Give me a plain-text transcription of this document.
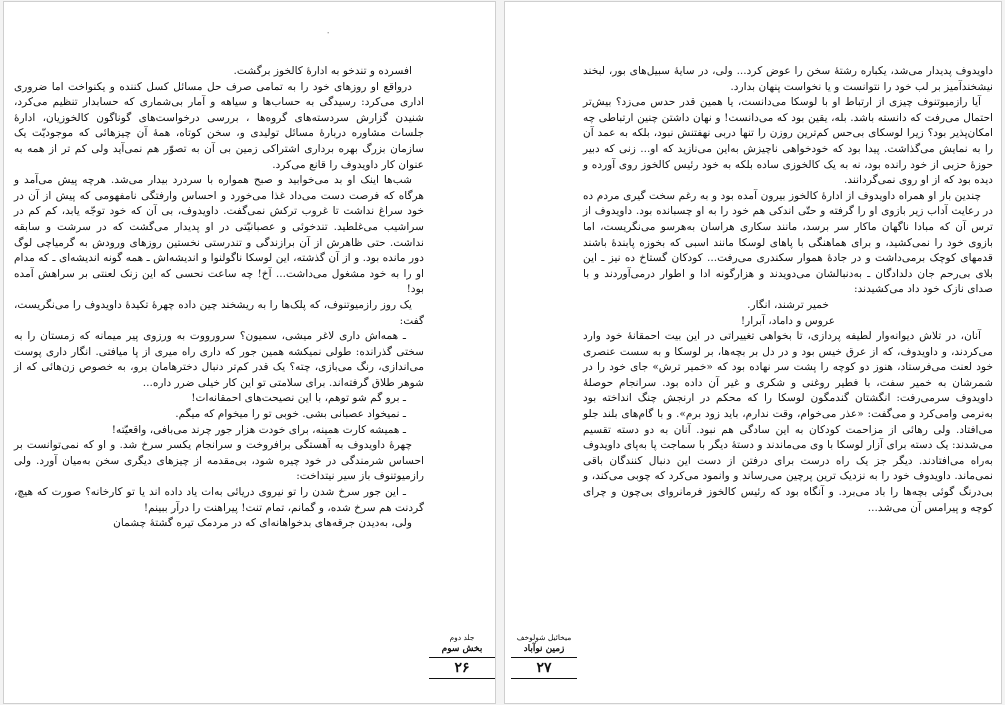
۰

افسرده و تندخو به ادارهٔ کالخوز برگشت.

درواقع او روزهای خود را به تمامی صرف حل مسائل کسل کننده و یکنواخت اما ضروری اداری می‌کرد: رسیدگی به حساب‌ها و سیاهه و آمار بی‌شماری که حسابدار تنظیم می‌کرد، شنیدن گزارش سردسته‌های گروه‌ها ، بررسی درخواست‌های گوناگون کالخوزیان، ادارهٔ جلسات مشاوره دربارهٔ مسائل تولیدی و، سخن کوتاه، همهٔ آن چیزهائی که موجودیّت یک سازمان بزرگ بهره برداری اشتراکی زمین بی آن به تصوّر هم نمی‌آید ولی کم تر از همه به عنوان کار داویدوف را قانع می‌کرد.

شب‌ها اینک او بد می‌خوابید و صبح همواره با سردرد بیدار می‌شد. هرچه پیش می‌آمد و هرگاه که فرصت دست می‌داد غذا می‌خورد و احساس وارفتگی نامفهومی که پیش از آن در خود سراغ نداشت تا غروب ترکش نمی‌گفت. داویدوف، بی آن که خود توجّه یابد، کم کم در سراشیب می‌غلطید. تندخوئی و عصبانیّتی در او پدیدار می‌گشت که در سرشت و سابقه نداشت. حتی ظاهرش از آن برازندگی و تندرستی نخستین روزهای ورودش به گرمیاچی لوگ دور مانده بود. و از آن گذشته، این لوسکا ناگولنوا و اندیشه‌اش ـ همه گونه اندیشه‌ای ـ که مدام او را به خود مشغول می‌داشت... آخ! چه ساعت نحسی که این زنک لعنتی بر سراهش آمده بود!

یک روز رازمیوتنوف، که پلک‌ها را به ریشخند چین داده چهرهٔ تکیدهٔ داویدوف را می‌نگریست، گفت:

ـ همه‌اش داری لاغر میشی، سمیون؟ سرورووت به ورزوی پیر میمانه که زمستان را به سختی گذرانده: طولی نمیکشه همین جور که داری راه میری از پا میافتی. انگار داری پوست می‌اندازی، رنگ می‌بازی، چته؟ یک قدر کم‌تر دنبال دخترهامان برو، به خصوص زن‌هائی که از شوهر طلاق گرفته‌اند. برای سلامتی تو این کار خیلی ضرر داره...

ـ برو گم شو توهم، با این نصیحت‌های احمقانه‌ات!

ـ نمیخواد عصبانی بشی. خوبی تو را میخوام که میگم.

ـ همیشه کارت همینه، برای خودت هزار جور چرند می‌بافی، واقعیّته!

چهرهٔ داویدوف به آهستگی برافروخت و سرانجام یکسر سرخ شد. و او که نمی‌توانست بر احساس شرمندگی در خود چیره شود، بی‌مقدمه از چیزهای دیگری سخن به‌میان آورد. ولی رازمیوتنوف باز سیر نیتداخت:

ـ این جور سرخ شدن را تو نیروی دریائی به‌ات یاد داده اند یا تو کارخانه؟ صورت که هیچ، گردنت هم سرخ شده، و گمانم، تمام تنت! پیراهنت را درآر ببینم!

ولی، به‌دیدن جرقه‌های بدخواهانه‌ای که در مردمک تیره گشتهٔ چشمان

جلد دوم
بخش سوم
۲۶

داویدوف پدیدار می‌شد، یکباره رشتهٔ سخن را عوض کرد... ولی، در سایهٔ سبیل‌های بور، لبخند نیشخندآمیز بر لب خود را نتوانست و یا نخواست پنهان بدارد.

آیا رازمیوتنوف چیزی از ارتباط او با لوسکا می‌دانست، یا همین قدر حدس می‌زد؟ بیش‌تر احتمال می‌رفت که دانسته باشد. بله، یقین بود که می‌دانست! و نهان داشتن چنین ارتباطی چه امکان‌پذیر بود؟ زیرا لوسکای بی‌حس کم‌ترین روزن را تنها دربی نهفتنش نبود، بلکه به عمد آن را به نمایش می‌گذاشت. پیدا بود که خودخواهی ناچیزش به‌این می‌نازید که او... زنی که دبیر حوزهٔ حزبی از خود رانده بود، نه به یک کالخوزی ساده بلکه به خود رئیس کالخوز روی آورده و دیده بود که از او روی نمی‌گردانند.

چندین بار او همراه داویدوف از ادارهٔ کالخوز بیرون آمده بود و به رغم سخت گیری مردم ده در رعایت آداب زیر بازوی او را گرفته و حتّی اندکی هم خود را به او چسبانده بود. داویدوف از ترس آن که مبادا ناگهان ماکار سر برسد، مانند سکاری هراسان به‌هرسو می‌نگریست، اما بازوی خود را نمی‌کشید، و برای هماهنگی با پاهای لوسکا مانند اسبی که بخوزه پابندهٔ باشند قدمهای کوچک برمی‌داشت و در جادهٔ هموار سکندری می‌رفت... کودکان گستاخ ده نیز ـ این بلای بی‌رحم جان دلدادگان ـ به‌دنبالشان می‌دویدند و هزارگونه ادا و اطوار درمی‌آوردند و با صدای نازک خود داد می‌کشیدند:

خمیر ترشند، انگار.

عروس و داماد، آبرار!

آنان، در تلاش دیوانه‌وار لطیفه پردازی، تا بخواهی تغییراتی در این بیت احمقانهٔ خود وارد می‌کردند، و داویدوف، که از عرق خیس بود و در دل بر بچه‌ها، بر لوسکا و به سست عنصری خود لعنت می‌فرستاد، هنوز دو کوچه را پشت سر نهاده بود که «خمیر ترش» جای خود را در شمرشان به خمیر سفت، با فطیر روغنی و شکری و غیر آن داده بود. سرانجام حوصلهٔ داویدوف سرمی‌رفت: انگشتان گندمگون لوسکا را که محکم در ارنجش چنگ انداخته بود به‌نرمی وامی‌کرد و می‌گفت: «عذر می‌خوام، وقت ندارم، باید زود برم». و با گام‌های بلند جلو می‌افتاد. ولی رهائی از مزاحمت کودکان به این سادگی هم نبود. آنان به دو دسته تقسیم می‌شدند: یک دسته برای آزار لوسکا با وی می‌ماندند و دستهٔ دیگر با سماجت پا به‌پای داویدوف به‌راه می‌افتادند. دیگر جز یک راه درست برای درفتن از دست این دنبال کنندگان باقی نمی‌ماند. داویدوف خود را به نزدیک ترین پرچین می‌رساند و وانمود می‌کرد که چوبی می‌کند، و بی‌درنگ گوئی بچه‌ها را باد می‌برد. و آنگاه بود که رئیس کالخوز فرمانروای بی‌چون و چرای کوچه و پیرامس آن می‌شد...

میخائیل شولوخف
زمین نوآباد
۲۷
